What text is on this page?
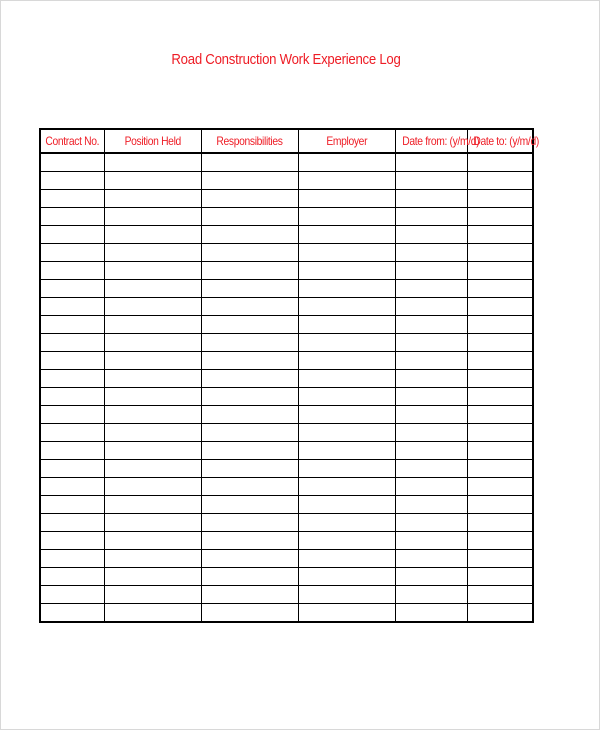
Road Construction Work Experience Log
Contract No.	Position Held	Responsibilities	Employer	Date from: (y/m/d)	Date to: (y/m/d)
